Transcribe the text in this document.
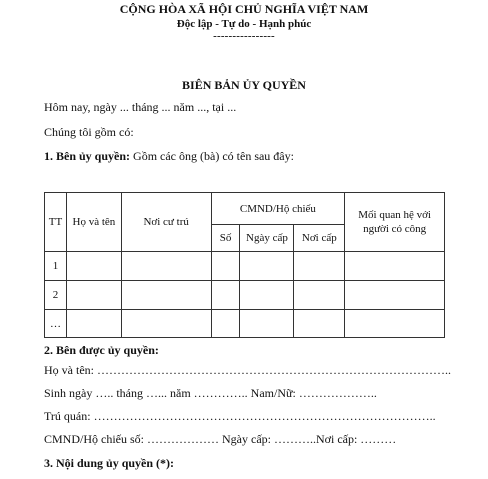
CỘNG HÒA XÃ HỘI CHỦ NGHĨA VIỆT NAM
Độc lập - Tự do - Hạnh phúc
----------------
BIÊN BẢN ỦY QUYỀN
Hôm nay, ngày ... tháng ... năm ..., tại ...
Chúng tôi gồm có:
1. Bên ủy quyền: Gồm các ông (bà) có tên sau đây:
TT	Họ và tên	Nơi cư trú	CMND/Hộ chiếu			Mối quan hệ với người có công
			Số	Ngày cấp	Nơi cấp	
1						
2						
…						
2. Bên được ủy quyền:
Họ và tên: ……………………………………………………………………………..
Sinh ngày ….. tháng …... năm ………….. Nam/Nữ: ………………..
Trú quán: …………………………………………………………………………..
CMND/Hộ chiếu số: ……………… Ngày cấp: ………..Nơi cấp: ………
3. Nội dung ủy quyền (*):
